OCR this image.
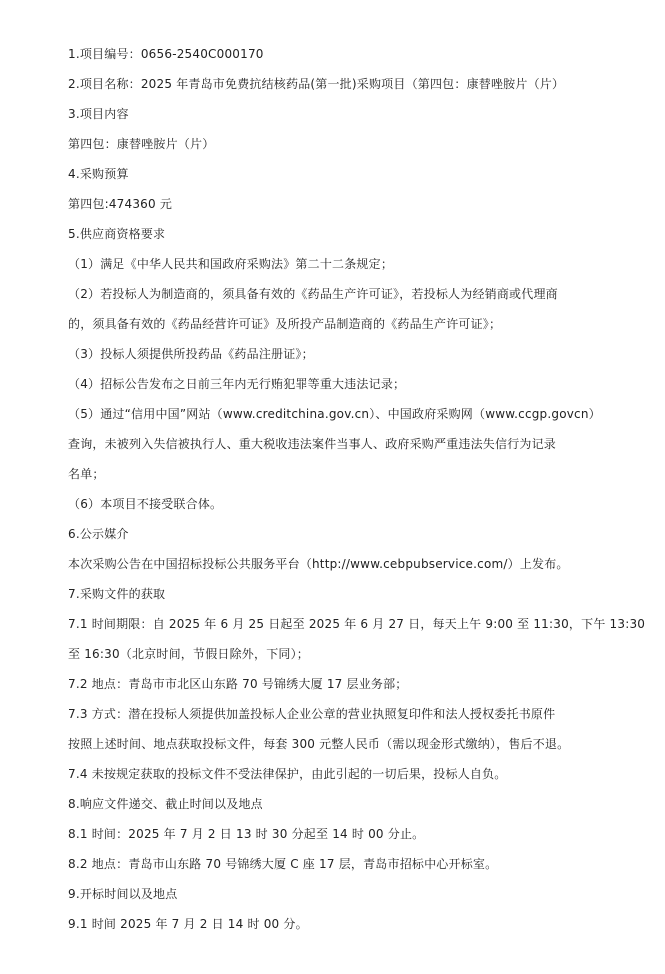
1.项目编号：0656-2540C000170
2.项目名称：2025 年青岛市免费抗结核药品(第一批)采购项目（第四包：康替唑胺片（片）
3.项目内容
第四包：康替唑胺片（片）
4.采购预算
第四包:474360 元
5.供应商资格要求
（1）满足《中华人民共和国政府采购法》第二十二条规定；
（2）若投标人为制造商的，须具备有效的《药品生产许可证》，若投标人为经销商或代理商
的，须具备有效的《药品经营许可证》及所投产品制造商的《药品生产许可证》；
（3）投标人须提供所投药品《药品注册证》；
（4）招标公告发布之日前三年内无行贿犯罪等重大违法记录；
（5）通过“信用中国”网站（www.creditchina.gov.cn）、中国政府采购网（www.ccgp.govcn）
查询，未被列入失信被执行人、重大税收违法案件当事人、政府采购严重违法失信行为记录
名单；
（6）本项目不接受联合体。
6.公示媒介
本次采购公告在中国招标投标公共服务平台（http://www.cebpubservice.com/）上发布。
7.采购文件的获取
7.1 时间期限：自 2025 年 6 月 25 日起至 2025 年 6 月 27 日，每天上午 9:00 至 11:30，下午 13:30
至 16:30（北京时间，节假日除外，下同）；
7.2 地点：青岛市市北区山东路 70 号锦绣大厦 17 层业务部；
7.3 方式：潜在投标人须提供加盖投标人企业公章的营业执照复印件和法人授权委托书原件
按照上述时间、地点获取投标文件，每套 300 元整人民币（需以现金形式缴纳），售后不退。
7.4 未按规定获取的投标文件不受法律保护，由此引起的一切后果，投标人自负。
8.响应文件递交、截止时间以及地点
8.1 时间：2025 年 7 月 2 日 13 时 30 分起至 14 时 00 分止。
8.2 地点：青岛市山东路 70 号锦绣大厦 C 座 17 层，青岛市招标中心开标室。
9.开标时间以及地点
9.1 时间 2025 年 7 月 2 日 14 时 00 分。
